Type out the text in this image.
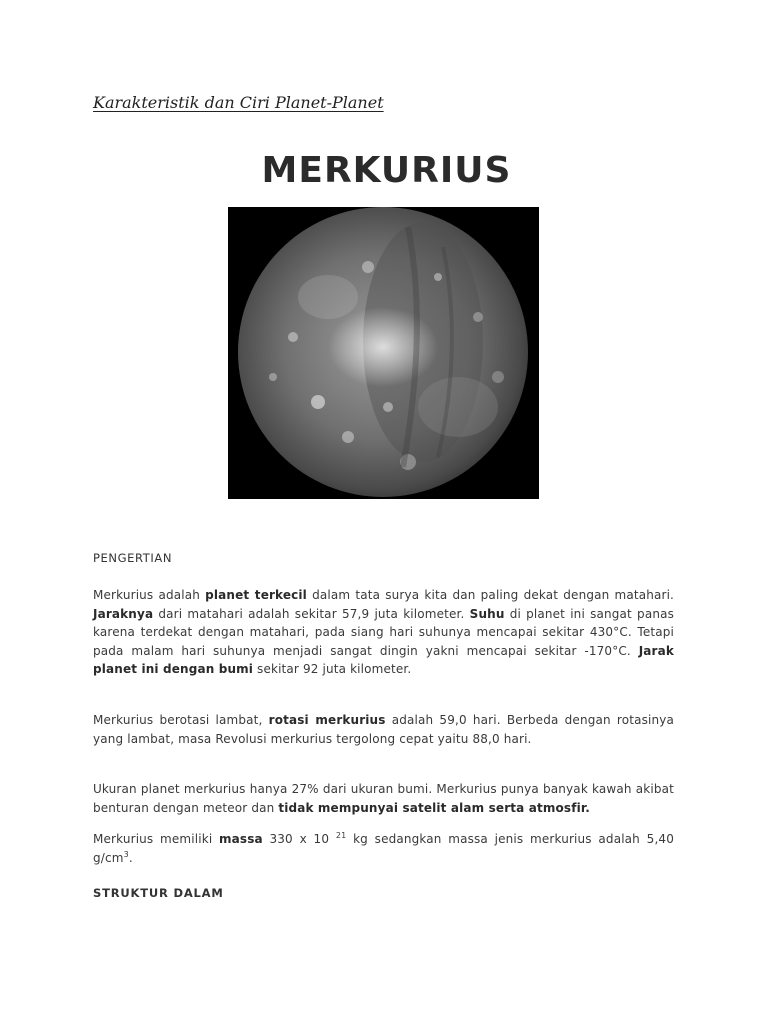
Karakteristik dan Ciri Planet-Planet
MERKURIUS
PENGERTIAN

Merkurius adalah planet terkecil dalam tata surya kita dan paling dekat dengan matahari. Jaraknya dari matahari adalah sekitar 57,9 juta kilometer. Suhu di planet ini sangat panas karena terdekat dengan matahari, pada siang hari suhunya mencapai sekitar 430°C. Tetapi pada malam hari suhunya menjadi sangat dingin yakni mencapai sekitar -170°C. Jarak planet ini dengan bumi sekitar 92 juta kilometer.

Merkurius berotasi lambat, rotasi merkurius adalah 59,0 hari. Berbeda dengan rotasinya yang lambat, masa Revolusi merkurius tergolong cepat yaitu 88,0 hari.

Ukuran planet merkurius hanya 27% dari ukuran bumi. Merkurius punya banyak kawah akibat benturan dengan meteor dan tidak mempunyai satelit alam serta atmosfir.

Merkurius memiliki massa 330 x 10 $^{21}$ kg sedangkan massa jenis merkurius adalah 5,40 $g/cm^3$.

STRUKTUR DALAM
